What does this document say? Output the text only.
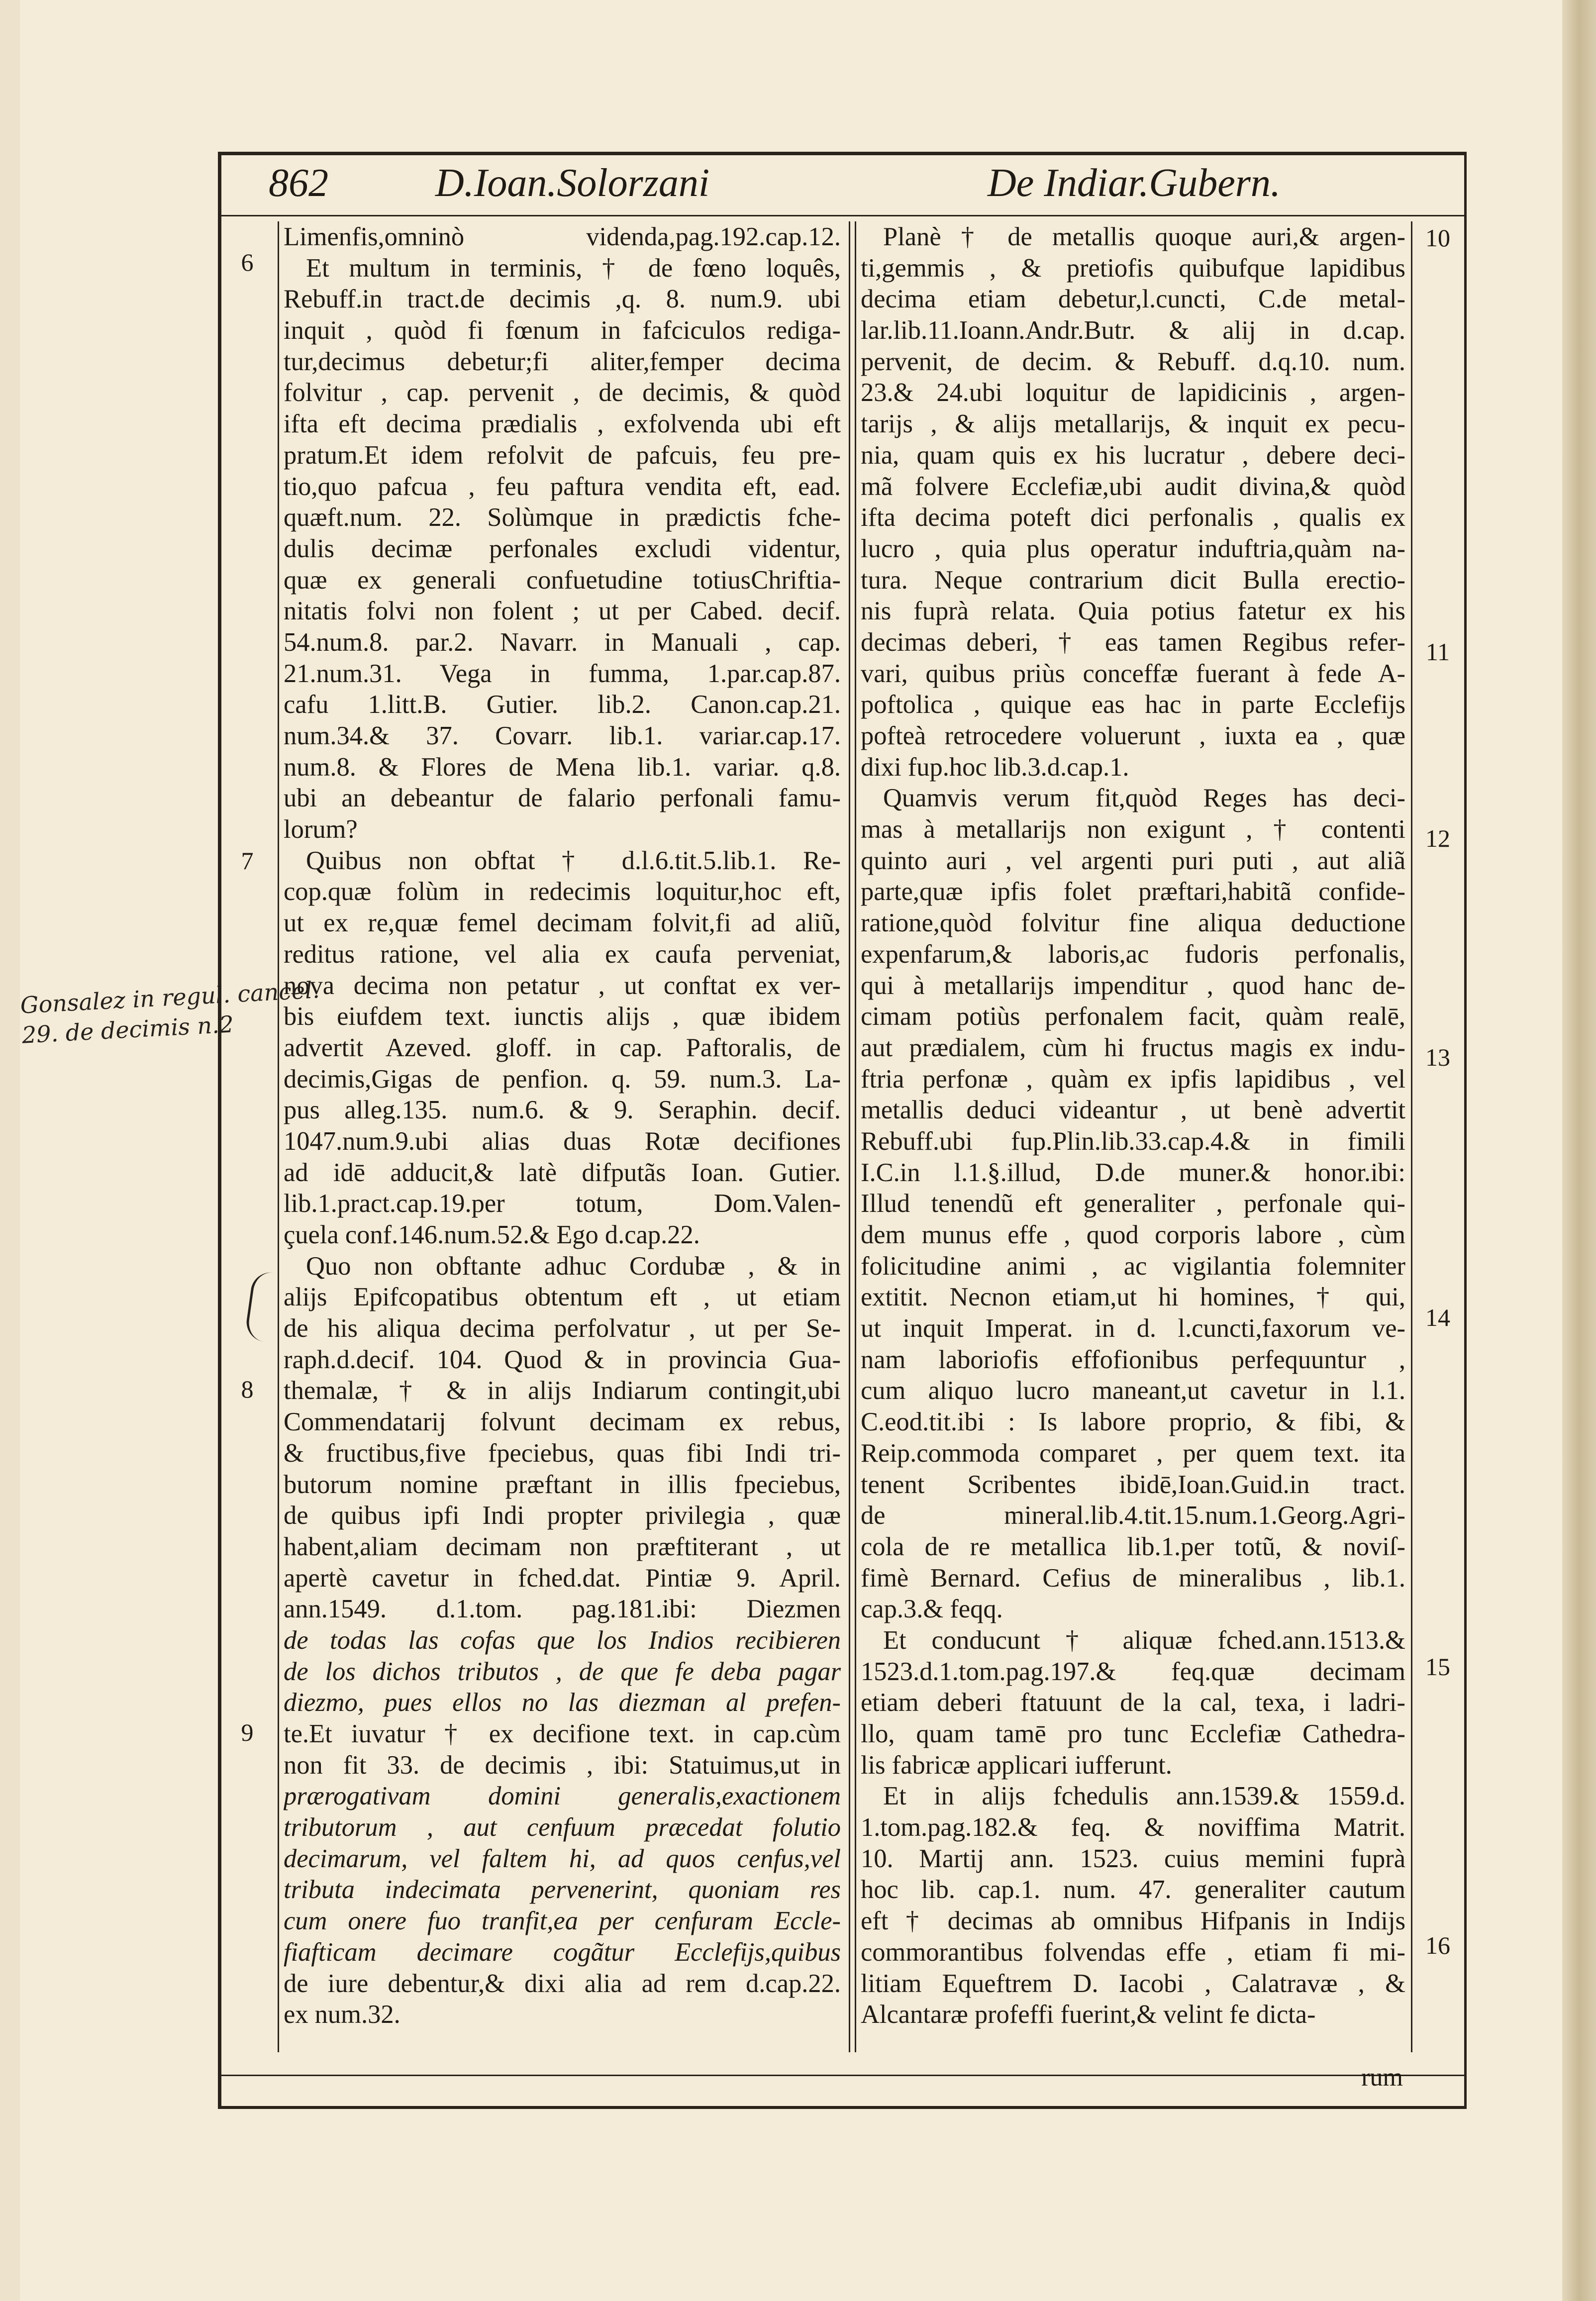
862	D.Ioan.Solorzani	De Indiar.Gubern.
Limenfis,omninò videnda,pag.192.cap.12.
Et multum in terminis, † de fœno loquês,
Rebuff.in tract.de decimis ,q. 8. num.9. ubi
inquit , quòd fi fœnum in fafciculos rediga-
tur,decimus debetur;fi aliter,femper decima
folvitur , cap. pervenit , de decimis, & quòd
ifta eft decima prædialis , exfolvenda ubi eft
pratum.Et idem refolvit de pafcuis, feu pre-
tio,quo pafcua , feu paftura vendita eft, ead.
quæft.num. 22. Solùmque in prædictis fche-
dulis decimæ perfonales excludi videntur,
quæ ex generali confuetudine totiusChriftia-
nitatis folvi non folent ; ut per Cabed. decif.
54.num.8. par.2. Navarr. in Manuali , cap.
21.num.31. Vega in fumma, 1.par.cap.87.
cafu 1.litt.B. Gutier. lib.2. Canon.cap.21.
num.34.& 37. Covarr. lib.1. variar.cap.17.
num.8. & Flores de Mena lib.1. variar. q.8.
ubi an debeantur de falario perfonali famu-
lorum?
Quibus non obftat † d.l.6.tit.5.lib.1. Re-
cop.quæ folùm in redecimis loquitur,hoc eft,
ut ex re,quæ femel decimam folvit,fi ad aliũ,
reditus ratione, vel alia ex caufa perveniat,
nova decima non petatur , ut conftat ex ver-
bis eiufdem text. iunctis alijs , quæ ibidem
advertit Azeved. gloff. in cap. Paftoralis, de
decimis,Gigas de penfion. q. 59. num.3. La-
pus alleg.135. num.6. & 9. Seraphin. decif.
1047.num.9.ubi alias duas Rotæ decifiones
ad idē adducit,& latè difputãs Ioan. Gutier.
lib.1.pract.cap.19.per totum, Dom.Valen-
çuela conf.146.num.52.& Ego d.cap.22.
Quo non obftante adhuc Cordubæ , & in
alijs Epifcopatibus obtentum eft , ut etiam
de his aliqua decima perfolvatur , ut per Se-
raph.d.decif. 104. Quod & in provincia Gua-
themalæ, † & in alijs Indiarum contingit,ubi
Commendatarij folvunt decimam ex rebus,
& fructibus,five fpeciebus, quas fibi Indi tri-
butorum nomine præftant in illis fpeciebus,
de quibus ipfi Indi propter privilegia , quæ
habent,aliam decimam non præftiterant , ut
apertè cavetur in fched.dat. Pintiæ 9. April.
ann.1549. d.1.tom. pag.181.ibi: Diezmen
de todas las cofas que los Indios recibieren
de los dichos tributos , de que fe deba pagar
diezmo, pues ellos no las diezman al prefen-
te.Et iuvatur † ex decifione text. in cap.cùm
non fit 33. de decimis , ibi: Statuimus,ut in
prærogativam domini generalis,exactionem
tributorum , aut cenfuum præcedat folutio
decimarum, vel faltem hi, ad quos cenfus,vel
tributa indecimata pervenerint, quoniam res
cum onere fuo tranfit,ea per cenfuram Eccle-
fiafticam decimare cogãtur Ecclefijs,quibus
de iure debentur,& dixi alia ad rem d.cap.22.
ex num.32.
Planè † de metallis quoque auri,& argen-
ti,gemmis , & pretiofis quibufque lapidibus
decima etiam debetur,l.cuncti, C.de metal-
lar.lib.11.Ioann.Andr.Butr. & alij in d.cap.
pervenit, de decim. & Rebuff. d.q.10. num.
23.& 24.ubi loquitur de lapidicinis , argen-
tarijs , & alijs metallarijs, & inquit ex pecu-
nia, quam quis ex his lucratur , debere deci-
mã folvere Ecclefiæ,ubi audit divina,& quòd
ifta decima poteft dici perfonalis , qualis ex
lucro , quia plus operatur induftria,quàm na-
tura. Neque contrarium dicit Bulla erectio-
nis fuprà relata. Quia potius fatetur ex his
decimas deberi, † eas tamen Regibus refer-
vari, quibus priùs conceffæ fuerant à fede A-
poftolica , quique eas hac in parte Ecclefijs
pofteà retrocedere voluerunt , iuxta ea , quæ
dixi fup.hoc lib.3.d.cap.1.
Quamvis verum fit,quòd Reges has deci-
mas à metallarijs non exigunt , † contenti
quinto auri , vel argenti puri puti , aut aliã
parte,quæ ipfis folet præftari,habitã confide-
ratione,quòd folvitur fine aliqua deductione
expenfarum,& laboris,ac fudoris perfonalis,
qui à metallarijs impenditur , quod hanc de-
cimam potiùs perfonalem facit, quàm realē,
aut prædialem, cùm hi fructus magis ex indu-
ftria perfonæ , quàm ex ipfis lapidibus , vel
metallis deduci videantur , ut benè advertit
Rebuff.ubi fup.Plin.lib.33.cap.4.& in fimili
I.C.in l.1.§.illud, D.de muner.& honor.ibi:
Illud tenendũ eft generaliter , perfonale qui-
dem munus effe , quod corporis labore , cùm
folicitudine animi , ac vigilantia folemniter
extitit. Necnon etiam,ut hi homines, † qui,
ut inquit Imperat. in d. l.cuncti,faxorum ve-
nam laboriofis effofionibus perfequuntur ,
cum aliquo lucro maneant,ut cavetur in l.1.
C.eod.tit.ibi : Is labore proprio, & fibi, &
Reip.commoda comparet , per quem text. ita
tenent Scribentes ibidē,Ioan.Guid.in tract.
de mineral.lib.4.tit.15.num.1.Georg.Agri-
cola de re metallica lib.1.per totũ, & noviſ-
fimè Bernard. Cefius de mineralibus , lib.1.
cap.3.& feqq.
Et conducunt † aliquæ fched.ann.1513.&
1523.d.1.tom.pag.197.& feq.quæ decimam
etiam deberi ftatuunt de la cal, texa, i ladri-
llo, quam tamē pro tunc Ecclefiæ Cathedra-
lis fabricæ applicari iufferunt.
Et in alijs fchedulis ann.1539.& 1559.d.
1.tom.pag.182.& feq. & noviffima Matrit.
10. Martij ann. 1523. cuius memini fuprà
hoc lib. cap.1. num. 47. generaliter cautum
eft † decimas ab omnibus Hifpanis in Indijs
commorantibus folvendas effe , etiam fi mi-
litiam Equeftrem D. Iacobi , Calatravæ , &
Alcantaræ profeffi fuerint,& velint fe dicta-
6
7
8
9
10
11
12
13
14
15
16
Gonsalez in regul. cancel.
29. de decimis n.2
rum
